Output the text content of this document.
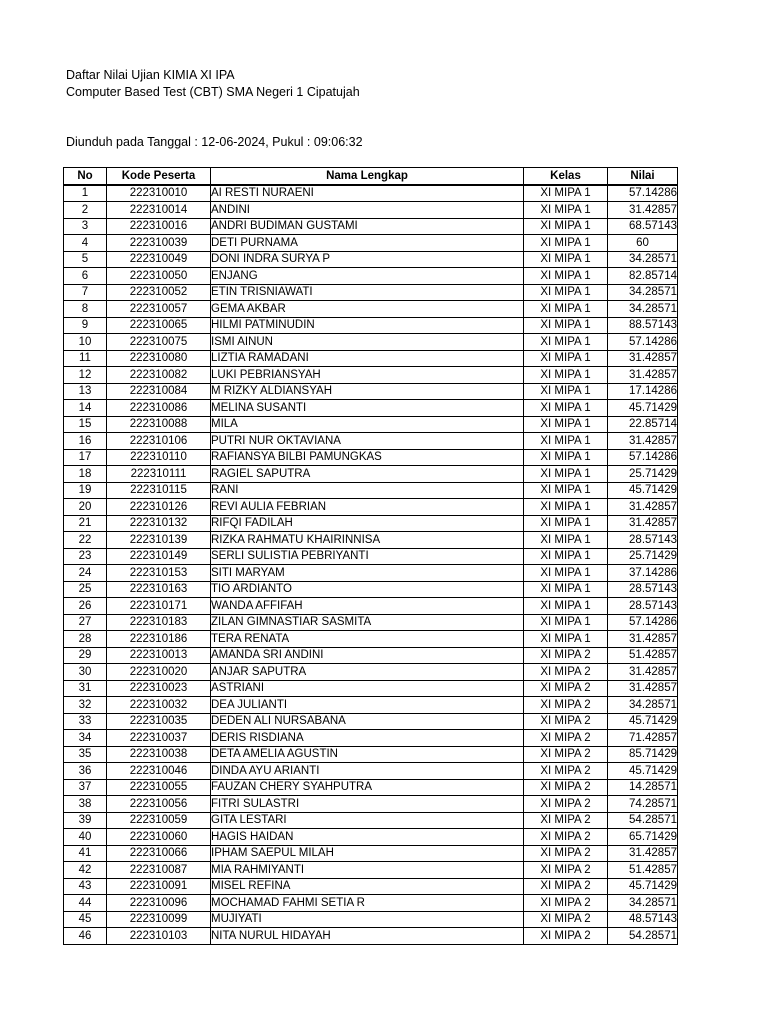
Daftar Nilai Ujian KIMIA XI IPA
Computer Based Test (CBT) SMA Negeri 1 Cipatujah
Diunduh pada Tanggal : 12-06-2024, Pukul : 09:06:32
No	Kode Peserta	Nama Lengkap	Kelas	Nilai
1	222310010	AI RESTI NURAENI	XI MIPA 1	57.14286
2	222310014	ANDINI	XI MIPA 1	31.42857
3	222310016	ANDRI BUDIMAN GUSTAMI	XI MIPA 1	68.57143
4	222310039	DETI PURNAMA	XI MIPA 1	60
5	222310049	DONI INDRA SURYA P	XI MIPA 1	34.28571
6	222310050	ENJANG	XI MIPA 1	82.85714
7	222310052	ETIN TRISNIAWATI	XI MIPA 1	34.28571
8	222310057	GEMA AKBAR	XI MIPA 1	34.28571
9	222310065	HILMI PATMINUDIN	XI MIPA 1	88.57143
10	222310075	ISMI AINUN	XI MIPA 1	57.14286
11	222310080	LIZTIA RAMADANI	XI MIPA 1	31.42857
12	222310082	LUKI PEBRIANSYAH	XI MIPA 1	31.42857
13	222310084	M RIZKY ALDIANSYAH	XI MIPA 1	17.14286
14	222310086	MELINA SUSANTI	XI MIPA 1	45.71429
15	222310088	MILA	XI MIPA 1	22.85714
16	222310106	PUTRI NUR OKTAVIANA	XI MIPA 1	31.42857
17	222310110	RAFIANSYA BILBI PAMUNGKAS	XI MIPA 1	57.14286
18	222310111	RAGIEL SAPUTRA	XI MIPA 1	25.71429
19	222310115	RANI	XI MIPA 1	45.71429
20	222310126	REVI AULIA FEBRIAN	XI MIPA 1	31.42857
21	222310132	RIFQI FADILAH	XI MIPA 1	31.42857
22	222310139	RIZKA RAHMATU KHAIRINNISA	XI MIPA 1	28.57143
23	222310149	SERLI SULISTIA PEBRIYANTI	XI MIPA 1	25.71429
24	222310153	SITI MARYAM	XI MIPA 1	37.14286
25	222310163	TIO ARDIANTO	XI MIPA 1	28.57143
26	222310171	WANDA AFFIFAH	XI MIPA 1	28.57143
27	222310183	ZILAN GIMNASTIAR SASMITA	XI MIPA 1	57.14286
28	222310186	TERA RENATA	XI MIPA 1	31.42857
29	222310013	AMANDA SRI ANDINI	XI MIPA 2	51.42857
30	222310020	ANJAR SAPUTRA	XI MIPA 2	31.42857
31	222310023	ASTRIANI	XI MIPA 2	31.42857
32	222310032	DEA JULIANTI	XI MIPA 2	34.28571
33	222310035	DEDEN ALI NURSABANA	XI MIPA 2	45.71429
34	222310037	DERIS RISDIANA	XI MIPA 2	71.42857
35	222310038	DETA AMELIA AGUSTIN	XI MIPA 2	85.71429
36	222310046	DINDA AYU ARIANTI	XI MIPA 2	45.71429
37	222310055	FAUZAN CHERY SYAHPUTRA	XI MIPA 2	14.28571
38	222310056	FITRI SULASTRI	XI MIPA 2	74.28571
39	222310059	GITA LESTARI	XI MIPA 2	54.28571
40	222310060	HAGIS HAIDAN	XI MIPA 2	65.71429
41	222310066	IPHAM SAEPUL MILAH	XI MIPA 2	31.42857
42	222310087	MIA RAHMIYANTI	XI MIPA 2	51.42857
43	222310091	MISEL REFINA	XI MIPA 2	45.71429
44	222310096	MOCHAMAD FAHMI SETIA R	XI MIPA 2	34.28571
45	222310099	MUJIYATI	XI MIPA 2	48.57143
46	222310103	NITA NURUL HIDAYAH	XI MIPA 2	54.28571
